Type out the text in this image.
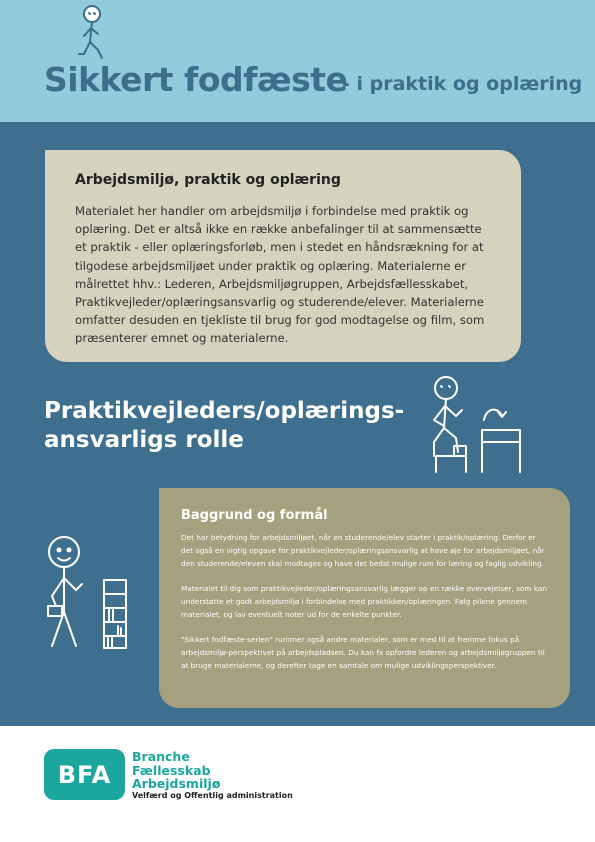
Sikkert fodfæste
- i praktik og oplæring
Arbejdsmiljø, praktik og oplæring
Materialet her handler om arbejdsmiljø i forbindelse med praktik og oplæring. Det er altså ikke en række anbefalinger til at sammensætte et praktik - eller oplæringsforløb, men i stedet en håndsrækning for at tilgodese arbejdsmiljøet under praktik og oplæring. Materialerne er målrettet hhv.: Lederen, Arbejdsmiljøgruppen, Arbejdsfællesskabet, Praktikvejleder/oplæringsansvarlig og studerende/elever. Materialerne omfatter desuden en tjekliste til brug for god modtagelse og film, som præsenterer emnet og materialerne.
Praktikvejleders/oplærings-
ansvarligs rolle
Baggrund og formål

Det har betydning for arbejdsmiljøet, når en studerende/elev starter i praktik/oplæring. Derfor er det også en vigtig opgave for praktikvejleder/oplæringsansvarlig at have øje for arbejdsmiljøet, når den studerende/eleven skal modtages og have det bedst mulige rum for læring og faglig udvikling.

Materialet til dig som praktikvejleder/oplæringsansvarlig lægger op en række overvejelser, som kan understøtte et godt arbejdsmiljø i forbindelse med praktikken/oplæringen. Følg pilene gennem materialet, og lav eventuelt noter ud for de enkelte punkter.

"Sikkert fodfæste-serien" rummer også andre materialer, som er med til at fremme fokus på arbejdsmiljø-perspektivet på arbejdspladsen. Du kan fx opfordre lederen og arbejdsmiljøgruppen til at bruge materialerne, og derefter tage en samtale om mulige udviklingsperspektiver.

BFA
Branche
Fællesskab
Arbejdsmiljø
Velfærd og Offentlig administration
